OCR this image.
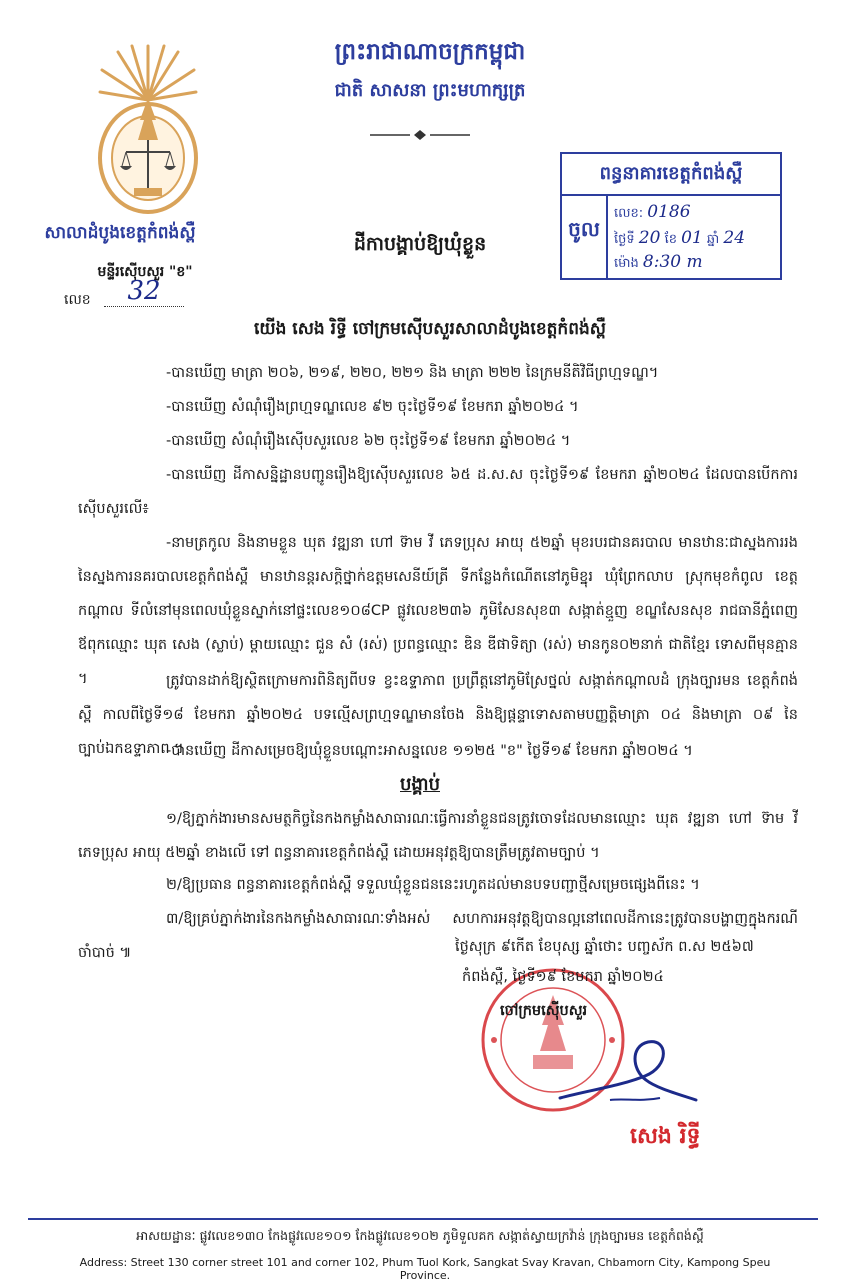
ព្រះរាជាណាចក្រកម្ពុជា
ជាតិ សាសនា ព្រះមហាក្សត្រ
សាលាដំបូងខេត្តកំពង់ស្ពឺ
មន្ទីរស៊ើបសួរ "ខ"
លេខ	32
ដីកាបង្គាប់ឱ្យឃុំខ្លួន
ពន្ធនាគារខេត្តកំពង់ស្ពឺ
ចូល
លេខ: 0186
ថ្ងៃទី 20 ខែ 01 ឆ្នាំ 24
ម៉ោង 8:30 m
យើង សេង រិទ្ធី ចៅក្រមស៊ើបសួរសាលាដំបូងខេត្តកំពង់ស្ពឺ
-បានឃើញ មាត្រា ២០៦, ២១៩, ២២០, ២២១ និង មាត្រា ២២២ នៃក្រមនីតិវិធីព្រហ្មទណ្ឌ។
-បានឃើញ សំណុំរឿងព្រហ្មទណ្ឌលេខ ៩២ ចុះថ្ងៃទី១៩ ខែមករា ឆ្នាំ២០២៤ ។
-បានឃើញ សំណុំរឿងស៊ើបសួរលេខ ៦២ ចុះថ្ងៃទី១៩ ខែមករា ឆ្នាំ២០២៤ ។
-បានឃើញ ដីកាសន្និដ្ឋានបញ្ជូនរឿងឱ្យស៊ើបសួរលេខ ៦៥ ដ.ស.ស ចុះថ្ងៃទី១៩ ខែមករា ឆ្នាំ២០២៤ ដែលបានបើកការស៊ើបសួរលើ៖
-នាមត្រកូល និងនាមខ្លួន ឃុត វឌ្ឍនា ហៅ ទ៊ាម វី ភេទប្រុស អាយុ ៥២ឆ្នាំ មុខរបរជានគរបាល មានឋានៈជាស្នងការរង នៃស្នងការនគរបាលខេត្តកំពង់ស្ពឺ មានឋានន្តរសក្តិថ្នាក់ឧត្តមសេនីយ៍ត្រី ទីកន្លែងកំណើតនៅភូមិខ្នុរ ឃុំព្រែកលាប ស្រុកមុខកំពូល ខេត្តកណ្តាល ទីលំនៅមុនពេលឃុំខ្លួនស្នាក់នៅផ្ទះលេខ១០៨CP ផ្លូវលេខ២៣៦ ភូមិសែនសុខ៣ សង្កាត់ខ្មួញ ខណ្ឌសែនសុខ រាជធានីភ្នំពេញ ឪពុកឈ្មោះ ឃុត សេង (ស្លាប់) ម្តាយឈ្មោះ ជួន សំ (រស់) ប្រពន្ធឈ្មោះ ឌិន ឌីផាទិត្យា (រស់) មានកូន០២នាក់ ជាតិខ្មែរ ទោសពីមុនគ្មាន ។	ត្រូវបានដាក់ឱ្យស្ថិតក្រោមការពិនិត្យពីបទ ខ្វះឧទ្ទាភាព ប្រព្រឹត្តនៅភូមិស្រែថ្នល់ សង្កាត់កណ្តាលដំ ក្រុងច្បារមន ខេត្តកំពង់ស្ពឺ កាលពីថ្ងៃទី១៨ ខែមករា ឆ្នាំ២០២៤ បទល្មើសព្រហ្មទណ្ឌមានចែង និងឱ្យផ្តន្ទាទោសតាមបញ្ញត្តិមាត្រា ០៤ និងមាត្រា ០៩ នៃច្បាប់ឯកឧទ្ទាភាព ។
-បានឃើញ ដីកាសម្រេចឱ្យឃុំខ្លួនបណ្តោះអាសន្នលេខ ១១២៥ "ខ" ថ្ងៃទី១៩ ខែមករា ឆ្នាំ២០២៤ ។
បង្គាប់
១/ឱ្យភ្នាក់ងារមានសមត្ថកិច្ចនៃកងកម្លាំងសាធារណៈធ្វើការនាំខ្លួនជនត្រូវចោទដែលមានឈ្មោះ ឃុត វឌ្ឍនា ហៅ ទ៊ាម វី ភេទប្រុស អាយុ ៥២ឆ្នាំ ខាងលើ ទៅ ពន្ធនាគារខេត្តកំពង់ស្ពឺ ដោយអនុវត្តឱ្យបានត្រឹមត្រូវតាមច្បាប់ ។
២/ឱ្យប្រធាន ពន្ធនាគារខេត្តកំពង់ស្ពឺ ទទួលឃុំខ្លួនជននេះរហូតដល់មានបទបញ្ជាថ្មីសម្រេចផ្សេងពីនេះ ។
៣/ឱ្យគ្រប់ភ្នាក់ងារនៃកងកម្លាំងសាធារណៈទាំងអស់ សហការអនុវត្តឱ្យបានល្អនៅពេលដីកានេះត្រូវបានបង្ហាញក្នុងករណីចាំបាច់ ៕	ថ្ងៃសុក្រ ៩កើត ខែបុស្ស ឆ្នាំថោះ បញ្ចស័ក ព.ស ២៥៦៧
កំពង់ស្ពឺ, ថ្ងៃទី១៩ ខែមករា ឆ្នាំ២០២៤
ចៅក្រមស៊ើបសួរ
សេង រិទ្ធី
អាសយដ្ឋានៈ ផ្លូវលេខ១៣០ កែងផ្លូវលេខ១០១ កែងផ្លូវលេខ១០២ ភូមិទួលគក សង្កាត់ស្វាយក្រវ៉ាន់ ក្រុងច្បារមន ខេត្តកំពង់ស្ពឺ
Address: Street 130 corner street 101 and corner 102, Phum Tuol Kork, Sangkat Svay Kravan, Chbamorn City, Kampong Speu Province.
